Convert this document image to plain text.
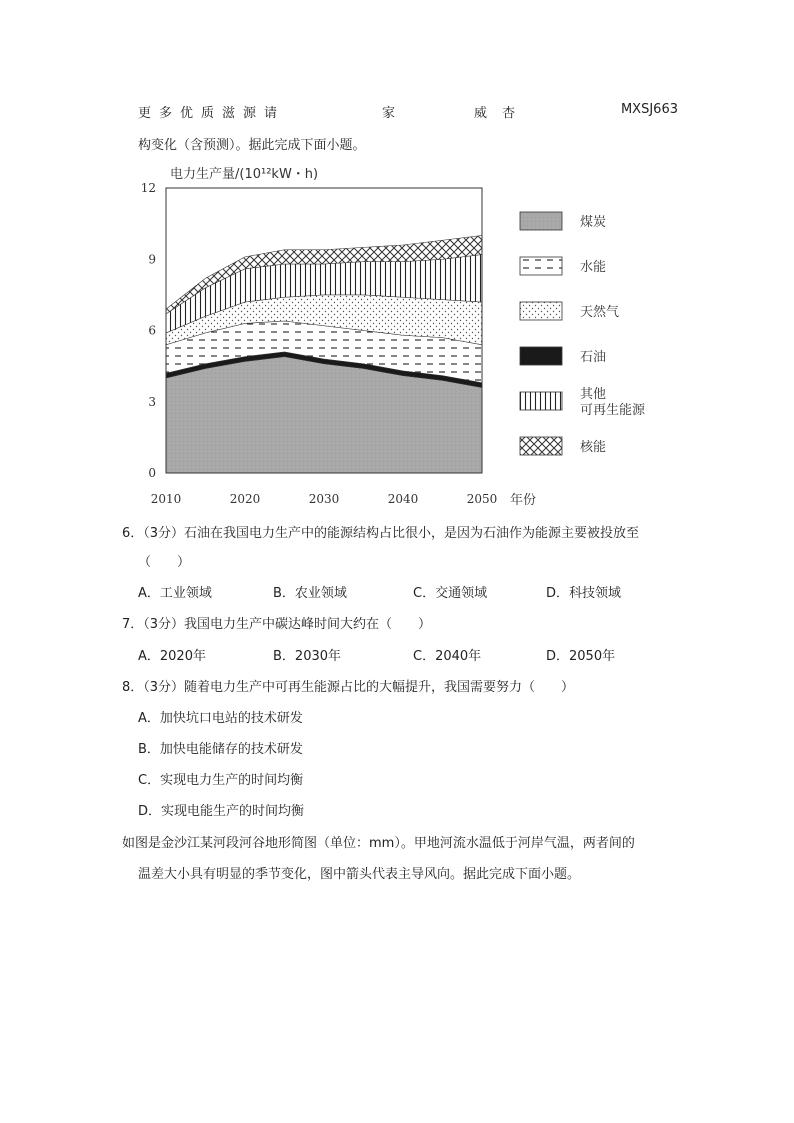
更 多 优 质 滋 源 请	家	威 杏	MXSJ663
构变化（含预测）。据此完成下面小题。
电力生产量/(10¹²kW・h)
0
3
6
9
12
2010	2020	2030	2040	2050 年份
煤炭
水能
天然气
石油
其他
可再生能源
核能
6．（3分）石油在我国电力生产中的能源结构占比很小，是因为石油作为能源主要被投放至
（　　）
A．工业领域	B．农业领域	C．交通领域	D．科技领域
7．（3分）我国电力生产中碳达峰时间大约在（　　）
A．2020年	B．2030年	C．2040年	D．2050年
8．（3分）随着电力生产中可再生能源占比的大幅提升，我国需要努力（　　）
A．加快坑口电站的技术研发
B．加快电能储存的技术研发
C．实现电力生产的时间均衡
D．实现电能生产的时间均衡
如图是金沙江某河段河谷地形简图（单位：mm）。甲地河流水温低于河岸气温，两者间的
温差大小具有明显的季节变化，图中箭头代表主导风向。据此完成下面小题。
